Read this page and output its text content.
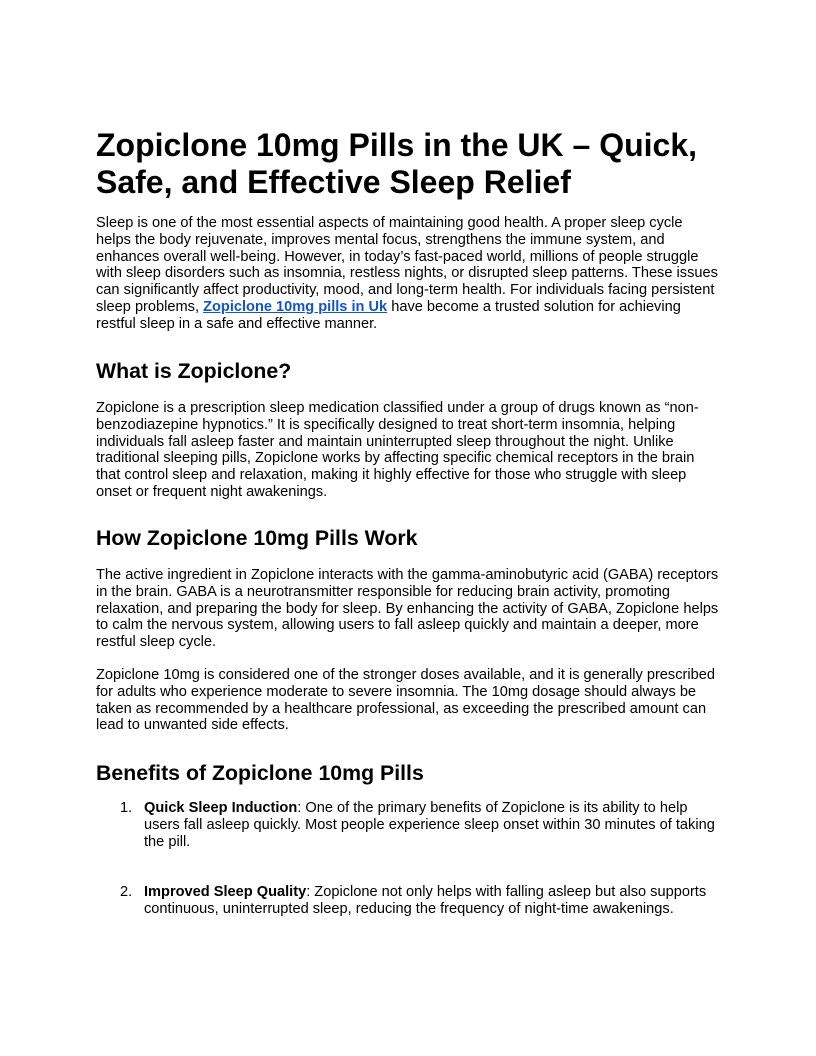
Zopiclone 10mg Pills in the UK – Quick, Safe, and Effective Sleep Relief

Sleep is one of the most essential aspects of maintaining good health. A proper sleep cycle helps the body rejuvenate, improves mental focus, strengthens the immune system, and enhances overall well-being. However, in today’s fast-paced world, millions of people struggle with sleep disorders such as insomnia, restless nights, or disrupted sleep patterns. These issues can significantly affect productivity, mood, and long-term health. For individuals facing persistent sleep problems, Zopiclone 10mg pills in Uk have become a trusted solution for achieving restful sleep in a safe and effective manner.

What is Zopiclone?

Zopiclone is a prescription sleep medication classified under a group of drugs known as “non-benzodiazepine hypnotics.” It is specifically designed to treat short-term insomnia, helping individuals fall asleep faster and maintain uninterrupted sleep throughout the night. Unlike traditional sleeping pills, Zopiclone works by affecting specific chemical receptors in the brain that control sleep and relaxation, making it highly effective for those who struggle with sleep onset or frequent night awakenings.

How Zopiclone 10mg Pills Work

The active ingredient in Zopiclone interacts with the gamma-aminobutyric acid (GABA) receptors in the brain. GABA is a neurotransmitter responsible for reducing brain activity, promoting relaxation, and preparing the body for sleep. By enhancing the activity of GABA, Zopiclone helps to calm the nervous system, allowing users to fall asleep quickly and maintain a deeper, more restful sleep cycle.

Zopiclone 10mg is considered one of the stronger doses available, and it is generally prescribed for adults who experience moderate to severe insomnia. The 10mg dosage should always be taken as recommended by a healthcare professional, as exceeding the prescribed amount can lead to unwanted side effects.

Benefits of Zopiclone 10mg Pills
1. Quick Sleep Induction: One of the primary benefits of Zopiclone is its ability to help users fall asleep quickly. Most people experience sleep onset within 30 minutes of taking the pill.
2. Improved Sleep Quality: Zopiclone not only helps with falling asleep but also supports continuous, uninterrupted sleep, reducing the frequency of night-time awakenings.
